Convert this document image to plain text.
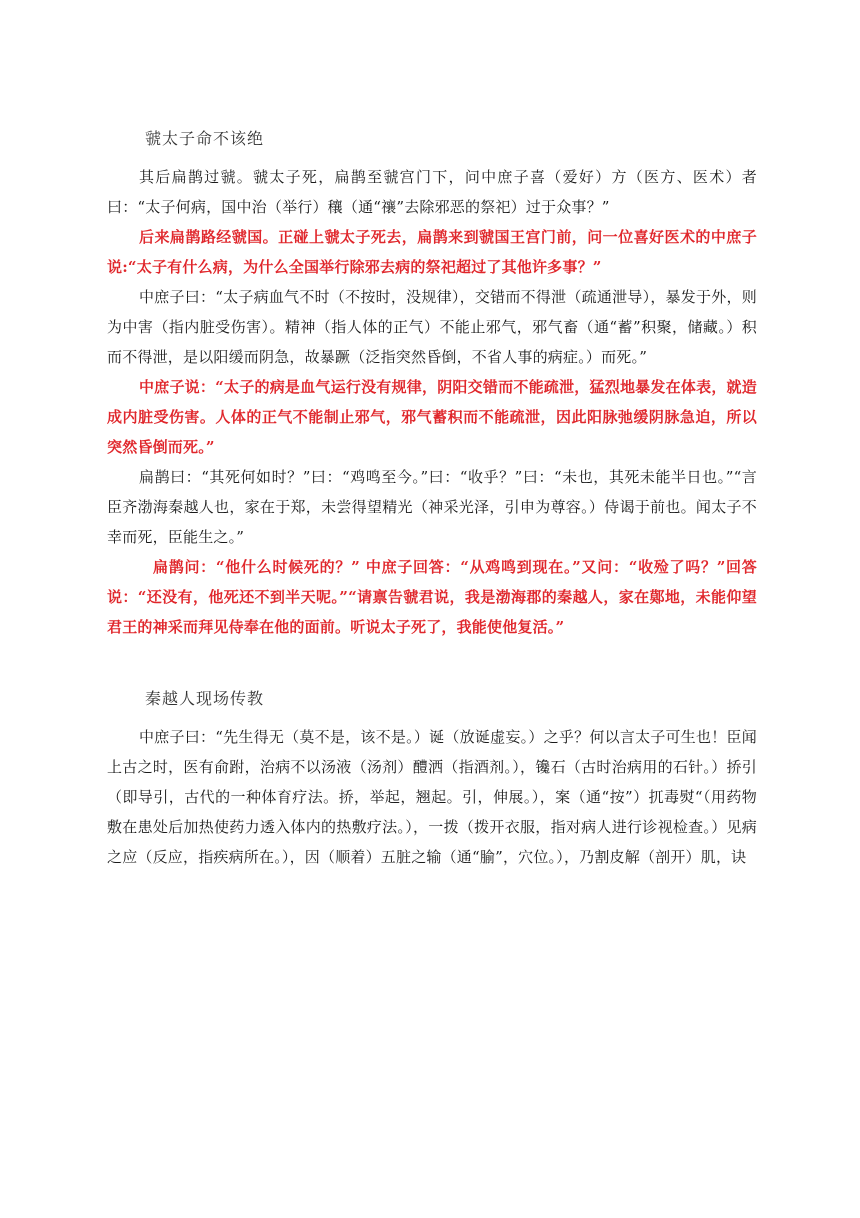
虢太子命不该绝

其后扁鹊过虢。虢太子死，扁鹊至虢宫门下，问中庶子喜（爱好）方（医方、医术）者曰：“太子何病，国中治（举行）穰（通“禳”去除邪恶的祭祀）过于众事？”

后来扁鹊路经虢国。正碰上虢太子死去，扁鹊来到虢国王宫门前，问一位喜好医术的中庶子说:“太子有什么病，为什么全国举行除邪去病的祭祀超过了其他许多事？”

中庶子曰：“太子病血气不时（不按时，没规律），交错而不得泄（疏通泄导），暴发于外，则为中害（指内脏受伤害）。精神（指人体的正气）不能止邪气，邪气畜（通“蓄”积聚，储藏。）积而不得泄，是以阳缓而阴急，故暴蹶（泛指突然昏倒，不省人事的病症。）而死。”

中庶子说：“太子的病是血气运行没有规律，阴阳交错而不能疏泄，猛烈地暴发在体表，就造成内脏受伤害。人体的正气不能制止邪气，邪气蓄积而不能疏泄，因此阳脉弛缓阴脉急迫，所以突然昏倒而死。”

扁鹊曰：“其死何如时？”曰：“鸡鸣至今。”曰：“收乎？”曰：“未也，其死未能半日也。”“言臣齐渤海秦越人也，家在于郑，未尝得望精光（神采光泽，引申为尊容。）侍谒于前也。闻太子不幸而死，臣能生之。”

扁鹊问：“他什么时候死的？” 中庶子回答：“从鸡鸣到现在。”又问：“收殓了吗？”回答说：“还没有，他死还不到半天呢。”“请禀告虢君说，我是渤海郡的秦越人，家在鄚地，未能仰望君王的神采而拜见侍奉在他的面前。听说太子死了，我能使他复活。”

秦越人现场传教

中庶子曰：“先生得无（莫不是，该不是。）诞（放诞虚妄。）之乎？何以言太子可生也！臣闻上古之时，医有俞跗，治病不以汤液（汤剂）醴洒（指酒剂。），镵石（古时治病用的石针。）挢引（即导引，古代的一种体育疗法。挢，举起，翘起。引，伸展。），案（通“按”）扤毒熨“（用药物敷在患处后加热使药力透入体内的热敷疗法。），一拨（拨开衣服，指对病人进行诊视检查。）见病之应（反应，指疾病所在。），因（顺着）五脏之输（通“腧”，穴位。），乃割皮解（剖开）肌，诀
